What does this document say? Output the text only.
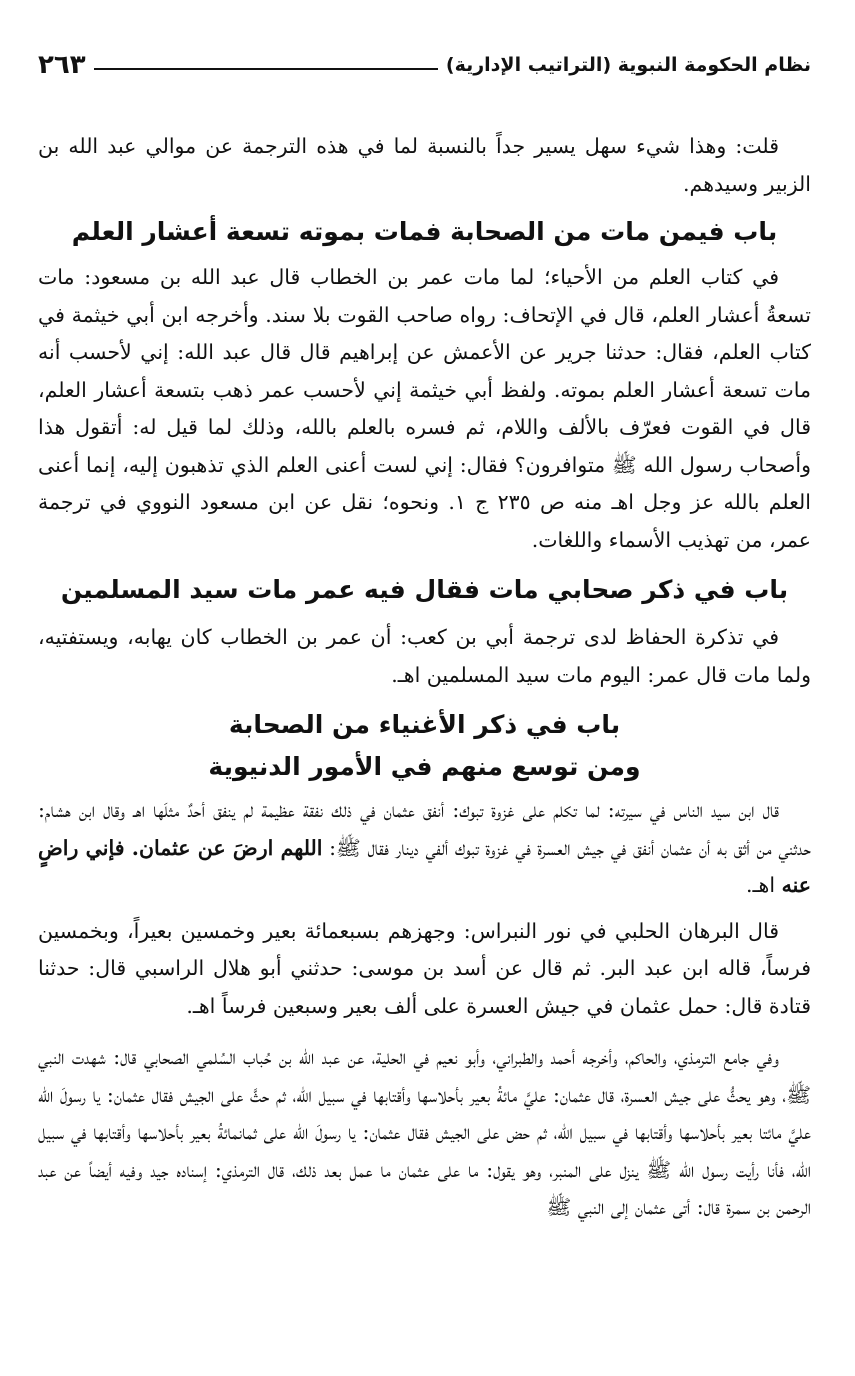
نظام الحكومة النبوية (التراتيب الإدارية)
٢٦٣

قلت: وهذا شيء سهل يسير جداً بالنسبة لما في هذه الترجمة عن موالي عبد الله بن الزبير وسيدهم.

باب فيمن مات من الصحابة فمات بموته تسعة أعشار العلم

في كتاب العلم من الأحياء؛ لما مات عمر بن الخطاب قال عبد الله بن مسعود: مات تسعةُ أعشار العلم، قال في الإتحاف: رواه صاحب القوت بلا سند. وأخرجه ابن أبي خيثمة في كتاب العلم، فقال: حدثنا جرير عن الأعمش عن إبراهيم قال قال عبد الله: إني لأحسب أنه مات تسعة أعشار العلم بموته. ولفظ أبي خيثمة إني لأحسب عمر ذهب بتسعة أعشار العلم، قال في القوت فعرّف بالألف واللام، ثم فسره بالعلم بالله، وذلك لما قيل له: أتقول هذا وأصحاب رسول الله ﷺ متوافرون؟ فقال: إني لست أعنى العلم الذي تذهبون إليه، إنما أعنى العلم بالله عز وجل اهـ منه ص ٢٣٥ ج ١. ونحوه؛ نقل عن ابن مسعود النووي في ترجمة عمر، من تهذيب الأسماء واللغات.

باب في ذكر صحابي مات فقال فيه عمر مات سيد المسلمين

في تذكرة الحفاظ لدى ترجمة أبي بن كعب: أن عمر بن الخطاب كان يهابه، ويستفتيه، ولما مات قال عمر: اليوم مات سيد المسلمين اهـ.

باب في ذكر الأغنياء من الصحابة
ومن توسع منهم في الأمور الدنيوية

قال ابن سيد الناس في سيرته: لما تكلم على غزوة تبوك: أنفق عثمان في ذلك نفقة عظيمة لم ينفق أحدٌ مثلَها اهـ وقال ابن هشام: حدثني من أثق به أن عثمان أنفق في جيش العسرة في غزوة تبوك ألفي دينار فقال ﷺ: اللهم ارضَ عن عثمان. فإني راضٍ عنه اهـ.

قال البرهان الحلبي في نور النبراس: وجهزهم بسبعمائة بعير وخمسين بعيراً، وبخمسين فرساً، قاله ابن عبد البر. ثم قال عن أسد بن موسى: حدثني أبو هلال الراسبي قال: حدثنا قتادة قال: حمل عثمان في جيش العسرة على ألف بعير وسبعين فرساً اهـ.

وفي جامع الترمذي، والحاكم، وأخرجه أحمد والطبراني، وأبو نعيم في الحلية، عن عبد الله بن حُباب السُلمي الصحابي قال: شهدت النبي ﷺ، وهو يحثُّ على جيش العسرة، قال عثمان: عليَّ مائةُ بعير بأحلاسها وأقتابها في سبيل الله، ثم حثَّ على الجيش فقال عثمان: يا رسولَ الله عليَّ مائتا بعير بأحلاسها وأقتابها في سبيل الله، ثم حض على الجيش فقال عثمان: يا رسولَ الله على ثمانمائةُ بعير بأحلاسها وأقتابها في سبيل الله، فأنا رأيت رسول الله ﷺ ينزل على المنبر، وهو يقول: ما على عثمان ما عمل بعد ذلك، قال الترمذي: إسناده جيد وفيه أيضاً عن عبد الرحمن بن سمرة قال: أتى عثمان إلى النبي ﷺ
